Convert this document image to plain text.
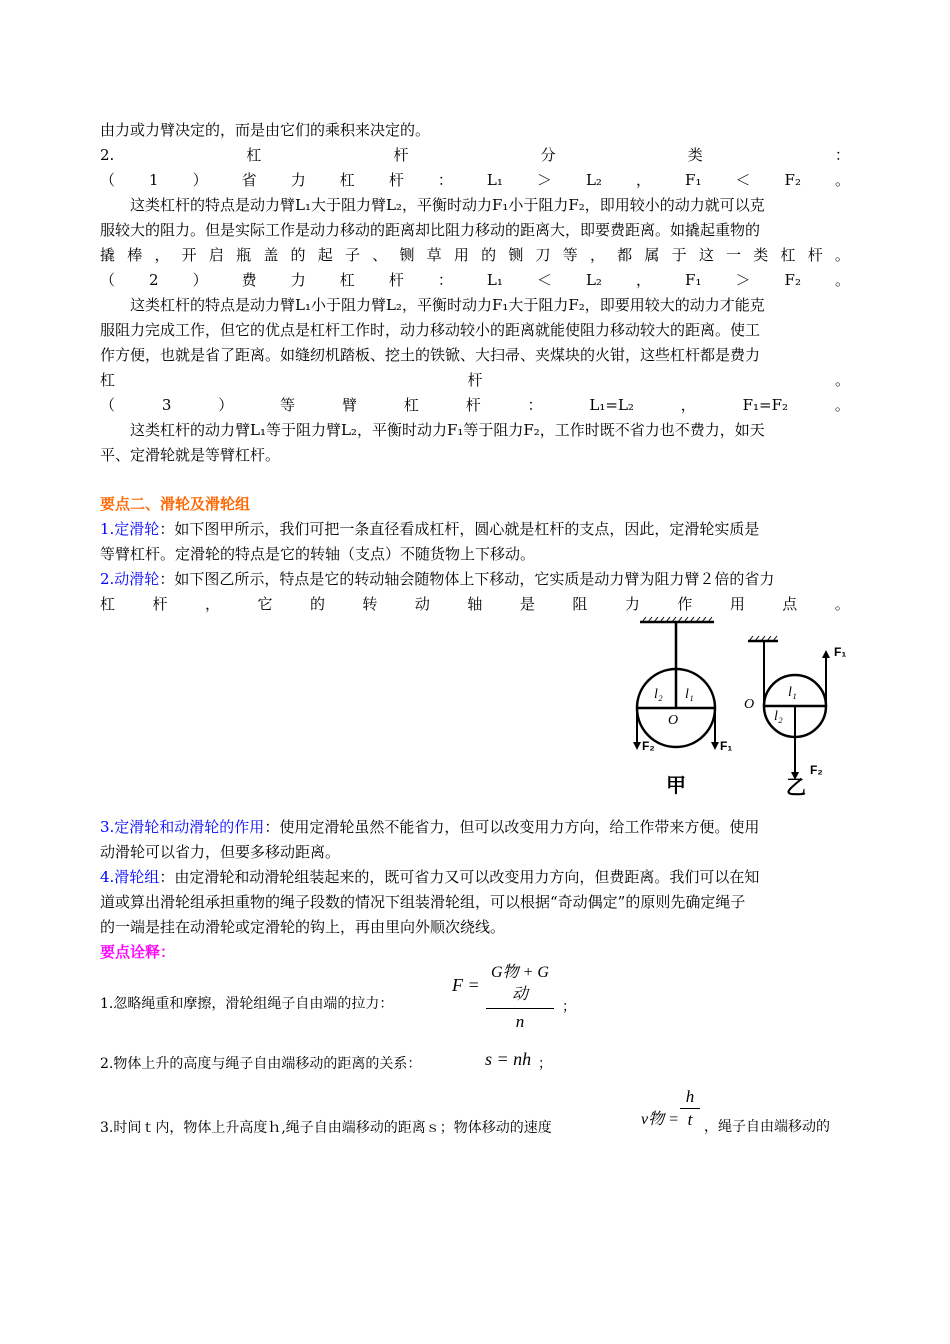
由力或力臂决定的，而是由它们的乘积来决定的。
2.	杠	杆	分	类	：
（ 1 ） 省 力 杠 杆 ： L₁ ＞ L₂ ， F₁ ＜ F₂ 。
这类杠杆的特点是动力臂L₁大于阻力臂L₂，平衡时动力F₁小于阻力F₂，即用较小的动力就可以克
服较大的阻力。但是实际工作是动力移动的距离却比阻力移动的距离大，即要费距离。如撬起重物的
撬 棒 ， 开 启 瓶 盖 的 起 子 、 铡 草 用 的 铡 刀 等 ， 都 属 于 这 一 类 杠 杆 。
（ 2 ） 费 力 杠 杆 ： L₁ ＜ L₂ ， F₁ ＞ F₂ 。
这类杠杆的特点是动力臂L₁小于阻力臂L₂，平衡时动力F₁大于阻力F₂，即要用较大的动力才能克
服阻力完成工作，但它的优点是杠杆工作时，动力移动较小的距离就能使阻力移动较大的距离。使工
作方便，也就是省了距离。如缝纫机踏板、挖土的铁锨、大扫帚、夹煤块的火钳，这些杠杆都是费力
杠	杆	。
（	3	）	等	臂	杠	杆	：	L₁=L₂	，	F₁=F₂	。
这类杠杆的动力臂L₁等于阻力臂L₂，平衡时动力F₁等于阻力F₂，工作时既不省力也不费力，如天
平、定滑轮就是等臂杠杆。
要点二、滑轮及滑轮组
1.定滑轮：如下图甲所示，我们可把一条直径看成杠杆，圆心就是杠杆的支点，因此，定滑轮实质是
等臂杠杆。定滑轮的特点是它的转轴（支点）不随货物上下移动。
2.动滑轮：如下图乙所示，特点是它的转动轴会随物体上下移动，它实质是动力臂为阻力臂２倍的省力
杠 杆 ， 它 的 转 动 轴 是 阻 力 作 用 点 。
l₂ l₁
O
F₂	F₁
甲
O
l₁
l₂
F₁
F₂
乙
3.定滑轮和动滑轮的作用：使用定滑轮虽然不能省力，但可以改变用力方向，给工作带来方便。使用
动滑轮可以省力，但要多移动距离。
4.滑轮组：由定滑轮和动滑轮组装起来的，既可省力又可以改变用力方向，但费距离。我们可以在知
道或算出滑轮组承担重物的绳子段数的情况下组装滑轮组，可以根据“奇动偶定”的原则先确定绳子
的一端是挂在动滑轮或定滑轮的钩上，再由里向外顺次绕线。
要点诠释：
1.忽略绳重和摩擦，滑轮组绳子自由端的拉力：
F =
G物 + G动
n
；
2.物体上升的高度与绳子自由端移动的距离的关系：	s = nh ；
3.时间ｔ内，物体上升高度ｈ,绳子自由端移动的距离ｓ；物体移动的速度	v物 =
h
t ，绳子自由端移动的
